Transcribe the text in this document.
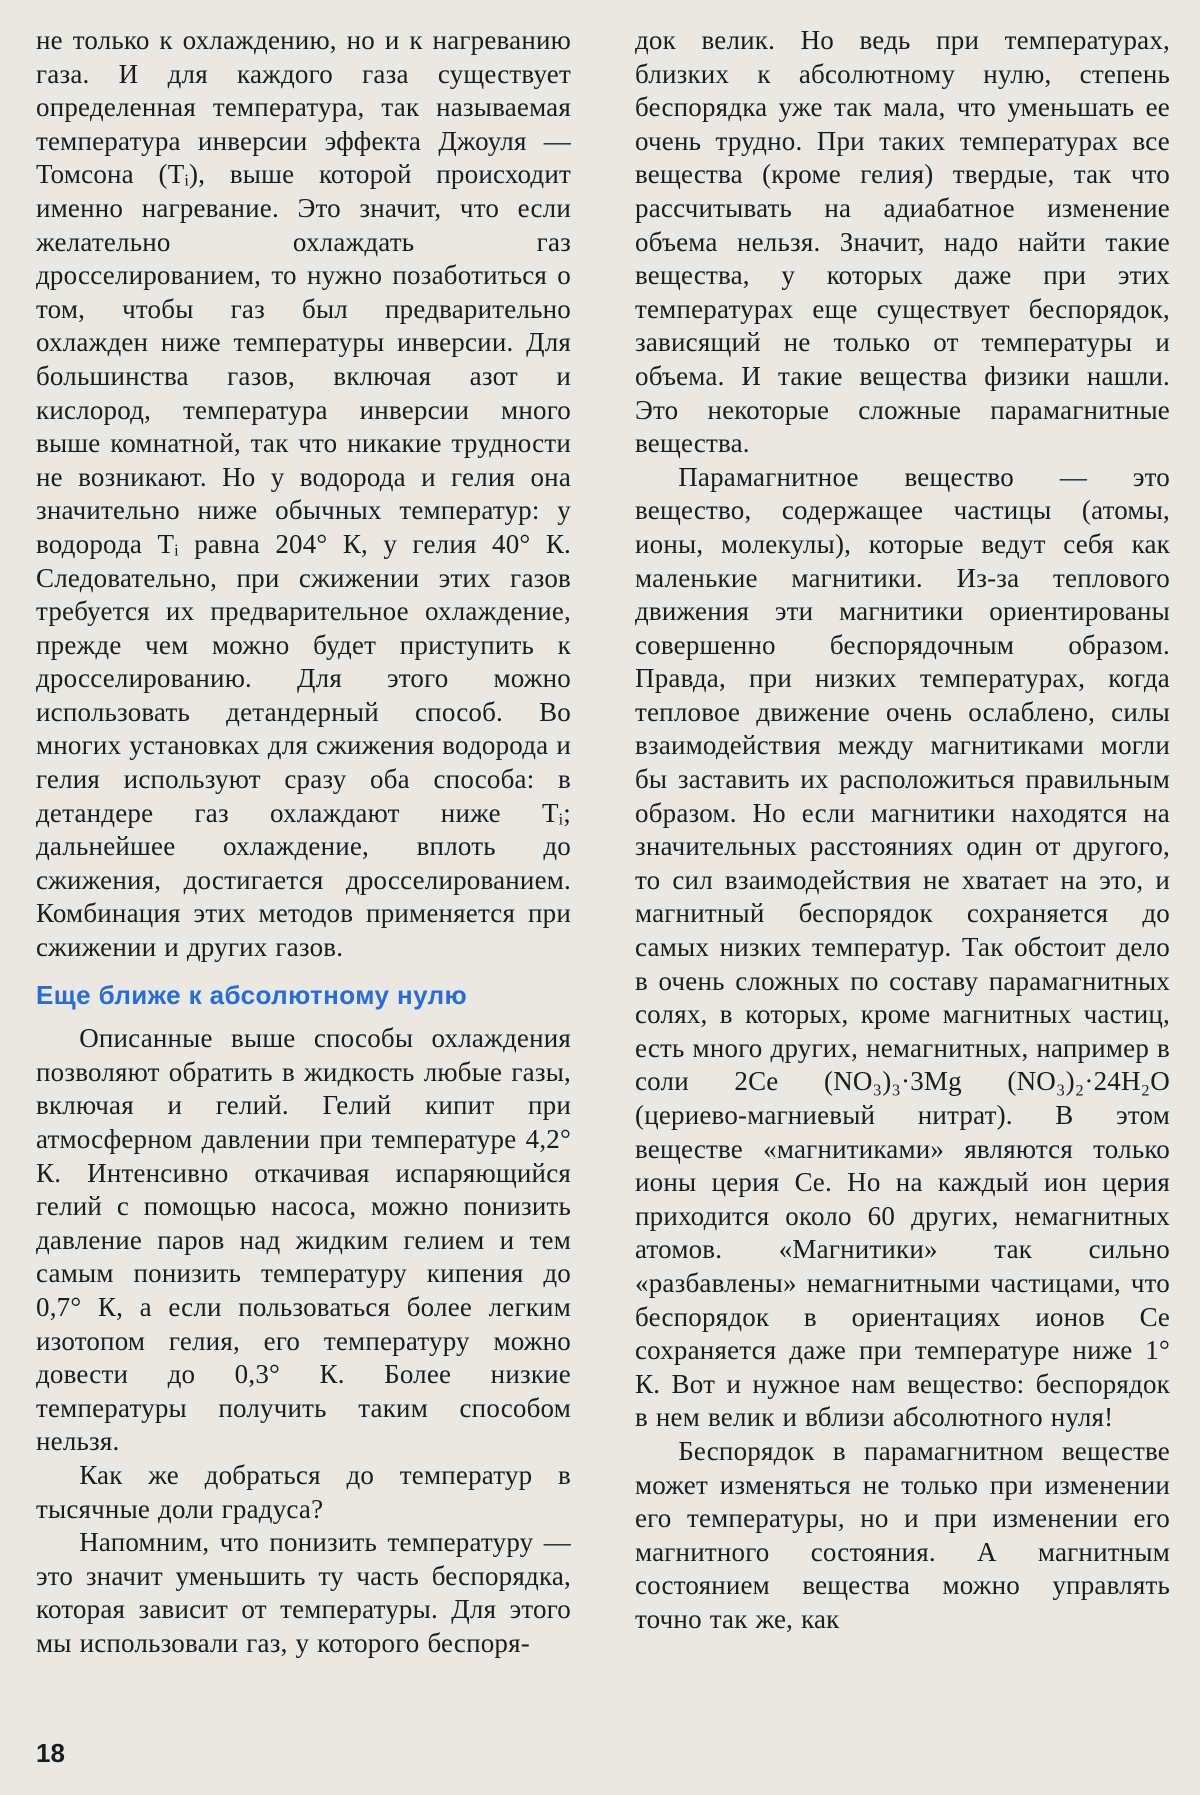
не только к охлаждению, но и к нагреванию газа. И для каждого газа существует определенная температура, так называемая температура инверсии эффекта Джоуля — Томсона (Tᵢ), выше которой происходит именно нагревание. Это значит, что если желательно охлаждать газ дросселированием, то нужно позаботиться о том, чтобы газ был предварительно охлажден ниже температуры инверсии. Для большинства газов, включая азот и кислород, температура инверсии много выше комнатной, так что никакие трудности не возникают. Но у водорода и гелия она значительно ниже обычных температур: у водорода Tᵢ равна 204° К, у гелия 40° К. Следовательно, при сжижении этих газов требуется их предварительное охлаждение, прежде чем можно будет приступить к дросселированию. Для этого можно использовать детандерный способ. Во многих установках для сжижения водорода и гелия используют сразу оба способа: в детандере газ охлаждают ниже Tᵢ; дальнейшее охлаждение, вплоть до сжижения, достигается дросселированием. Комбинация этих методов применяется при сжижении и других газов.

Еще ближе к абсолютному нулю

Описанные выше способы охлаждения позволяют обратить в жидкость любые газы, включая и гелий. Гелий кипит при атмосферном давлении при температуре 4,2° К. Интенсивно откачивая испаряющийся гелий с помощью насоса, можно понизить давление паров над жидким гелием и тем самым понизить температуру кипения до 0,7° К, а если пользоваться более легким изотопом гелия, его температуру можно довести до 0,3° К. Более низкие температуры получить таким способом нельзя.

Как же добраться до температур в тысячные доли градуса?

Напомним, что понизить температуру — это значит уменьшить ту часть беспорядка, которая зависит от температуры. Для этого мы использовали газ, у которого беспоря-

док велик. Но ведь при температурах, близких к абсолютному нулю, степень беспорядка уже так мала, что уменьшать ее очень трудно. При таких температурах все вещества (кроме гелия) твердые, так что рассчитывать на адиабатное изменение объема нельзя. Значит, надо найти такие вещества, у которых даже при этих температурах еще существует беспорядок, зависящий не только от температуры и объема. И такие вещества физики нашли. Это некоторые сложные парамагнитные вещества.

Парамагнитное вещество — это вещество, содержащее частицы (атомы, ионы, молекулы), которые ведут себя как маленькие магнитики. Из-за теплового движения эти магнитики ориентированы совершенно беспорядочным образом. Правда, при низких температурах, когда тепловое движение очень ослаблено, силы взаимодействия между магнитиками могли бы заставить их расположиться правильным образом. Но если магнитики находятся на значительных расстояниях один от другого, то сил взаимодействия не хватает на это, и магнитный беспорядок сохраняется до самых низких температур. Так обстоит дело в очень сложных по составу парамагнитных солях, в которых, кроме магнитных частиц, есть много других, немагнитных, например в соли 2Ce (NO₃)₃·3Mg (NO₃)₂·24H₂O (цериево-магниевый нитрат). В этом веществе «магнитиками» являются только ионы церия Ce. Но на каждый ион церия приходится около 60 других, немагнитных атомов. «Магнитики» так сильно «разбавлены» немагнитными частицами, что беспорядок в ориентациях ионов Ce сохраняется даже при температуре ниже 1° К. Вот и нужное нам вещество: беспорядок в нем велик и вблизи абсолютного нуля!

Беспорядок в парамагнитном веществе может изменяться не только при изменении его температуры, но и при изменении его магнитного состояния. А магнитным состоянием вещества можно управлять точно так же, как

18
